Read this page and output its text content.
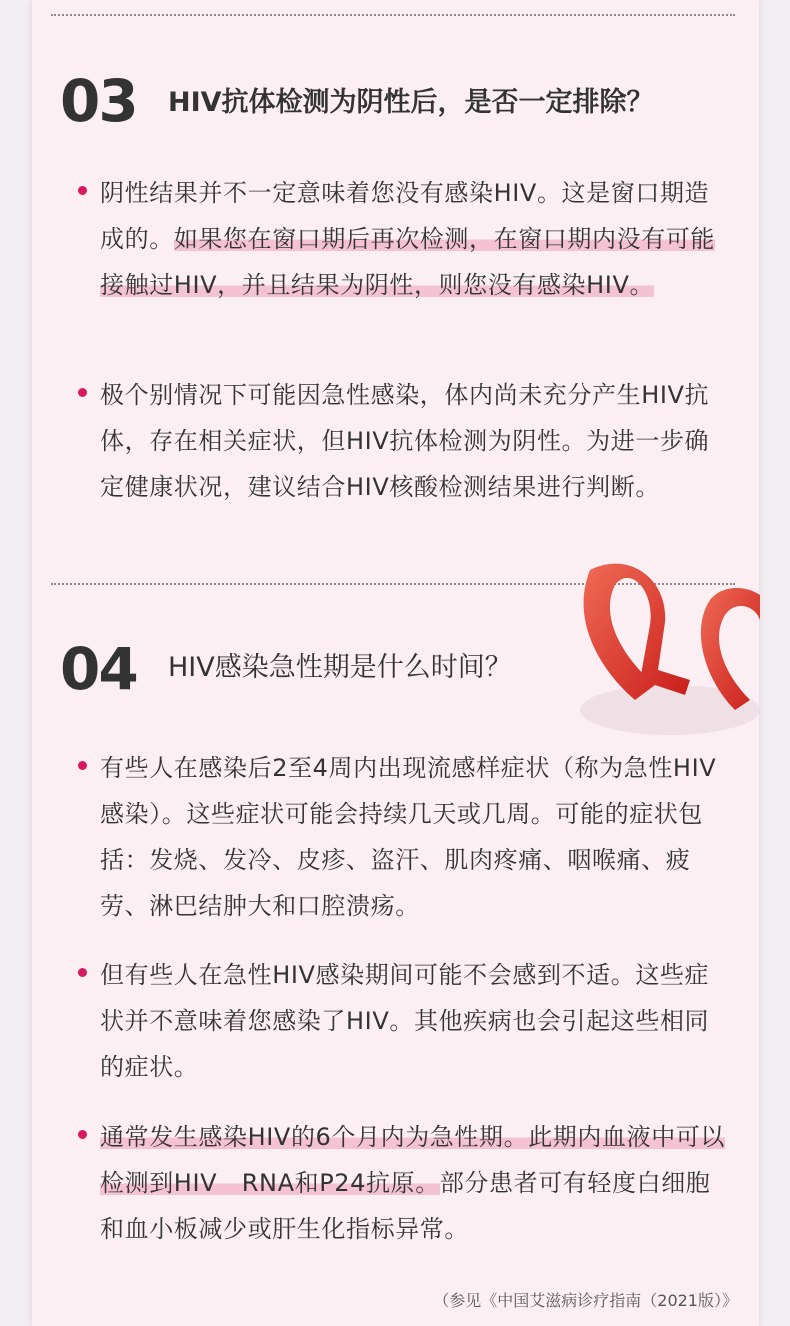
03 HIV抗体检测为阴性后，是否一定排除？
阴性结果并不一定意味着您没有感染HIV。这是窗口期造成的。如果您在窗口期后再次检测，在窗口期内没有可能接触过HIV，并且结果为阴性，则您没有感染HIV。
极个别情况下可能因急性感染，体内尚未充分产生HIV抗体，存在相关症状，但HIV抗体检测为阴性。为进一步确定健康状况，建议结合HIV核酸检测结果进行判断。
04 HIV感染急性期是什么时间？
有些人在感染后2至4周内出现流感样症状（称为急性HIV感染）。这些症状可能会持续几天或几周。可能的症状包括：发烧、发冷、皮疹、盗汗、肌肉疼痛、咽喉痛、疲劳、淋巴结肿大和口腔溃疡。
但有些人在急性HIV感染期间可能不会感到不适。这些症状并不意味着您感染了HIV。其他疾病也会引起这些相同的症状。
通常发生感染HIV的6个月内为急性期。此期内血液中可以检测到HIV　RNA和P24抗原。部分患者可有轻度白细胞和血小板减少或肝生化指标异常。
（参见《中国艾滋病诊疗指南（2021版）》
